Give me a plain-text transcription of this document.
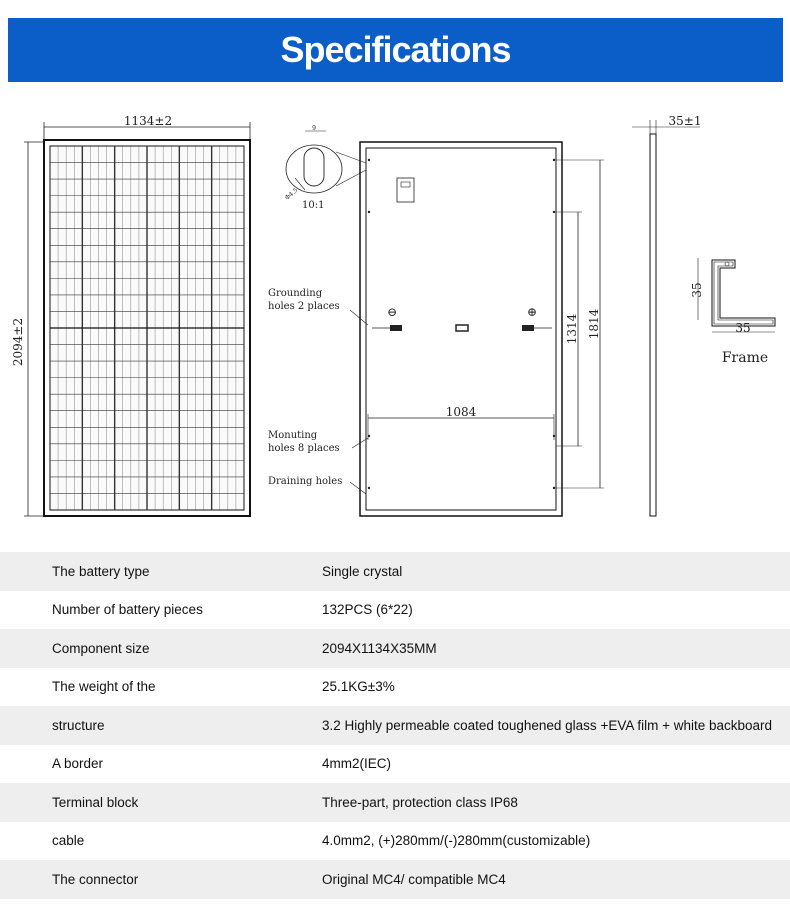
Specifications
1134±2
2094±2
9
Φ4.5
10:1
⊖	⊕
Grounding
holes 2 places
Monuting
holes 8 places
Draining holes
1084
1314 1814
35±1
35
35
Frame
The battery type	Single crystal
Number of battery pieces	132PCS (6*22)
Component size	2094X1134X35MM
The weight of the	25.1KG±3%
structure	3.2 Highly permeable coated toughened glass +EVA film + white backboard
A border	4mm2(IEC)
Terminal block	Three-part, protection class IP68
cable	4.0mm2, (+)280mm/(-)280mm(customizable)
The connector	Original MC4/ compatible MC4
